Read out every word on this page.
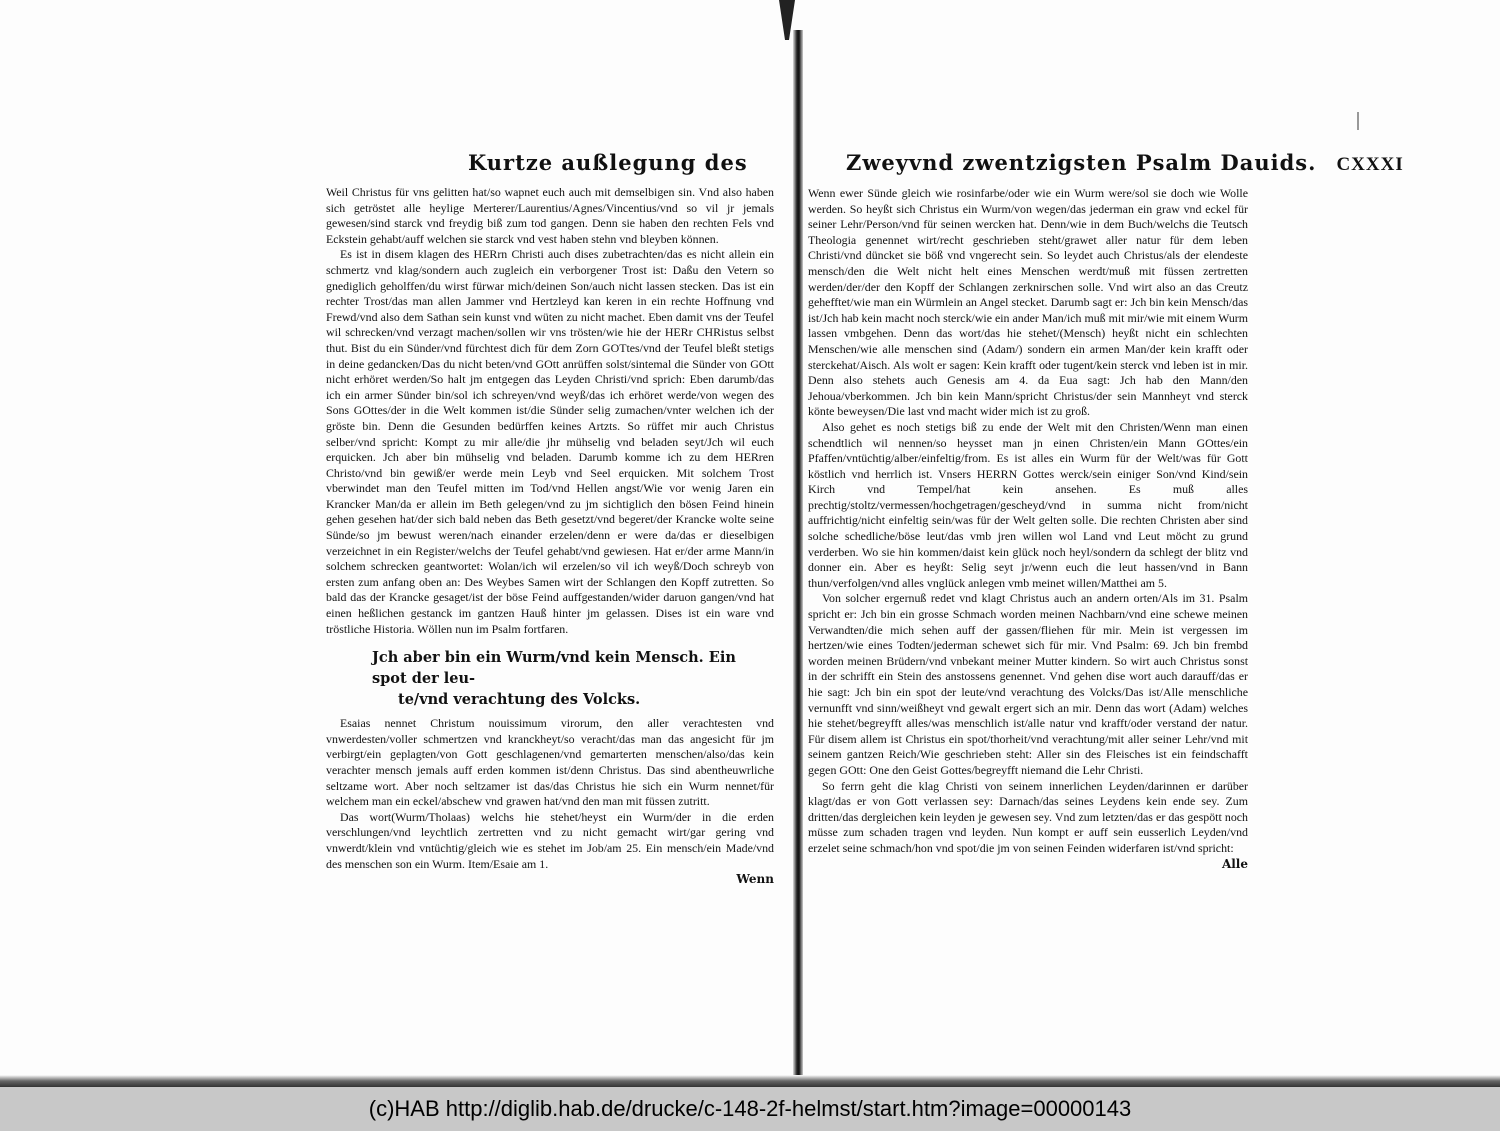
Kurtze außlegung des

Weil Christus für vns gelitten hat/so wapnet euch auch mit demselbigen sin. Vnd also haben sich getröstet alle heylige Merterer/Laurentius/Agnes/Vincentius/vnd so vil jr jemals gewesen/sind starck vnd freydig biß zum tod gangen. Denn sie haben den rechten Fels vnd Eckstein gehabt/auff welchen sie starck vnd vest haben stehn vnd bleyben können.

Es ist in disem klagen des HERrn Christi auch dises zubetrachten/das es nicht allein ein schmertz vnd klag/sondern auch zugleich ein verborgener Trost ist: Daßu den Vetern so gnediglich geholffen/du wirst fürwar mich/deinen Son/auch nicht lassen stecken. Das ist ein rechter Trost/das man allen Jammer vnd Hertzleyd kan keren in ein rechte Hoffnung vnd Frewd/vnd also dem Sathan sein kunst vnd wüten zu nicht machet. Eben damit vns der Teufel wil schrecken/vnd verzagt machen/sollen wir vns trösten/wie hie der HERr CHRistus selbst thut. Bist du ein Sünder/vnd fürchtest dich für dem Zorn GOTtes/vnd der Teufel bleßt stetigs in deine gedancken/Das du nicht beten/vnd GOtt anrüffen solst/sintemal die Sünder von GOtt nicht erhöret werden/So halt jm entgegen das Leyden Christi/vnd sprich: Eben darumb/das ich ein armer Sünder bin/sol ich schreyen/vnd weyß/das ich erhöret werde/von wegen des Sons GOttes/der in die Welt kommen ist/die Sünder selig zumachen/vnter welchen ich der gröste bin. Denn die Gesunden bedürffen keines Artzts. So rüffet mir auch Christus selber/vnd spricht: Kompt zu mir alle/die jhr mühselig vnd beladen seyt/Jch wil euch erquicken. Jch aber bin mühselig vnd beladen. Darumb komme ich zu dem HERren Christo/vnd bin gewiß/er werde mein Leyb vnd Seel erquicken. Mit solchem Trost vberwindet man den Teufel mitten im Tod/vnd Hellen angst/Wie vor wenig Jaren ein Krancker Man/da er allein im Beth gelegen/vnd zu jm sichtiglich den bösen Feind hinein gehen gesehen hat/der sich bald neben das Beth gesetzt/vnd begeret/der Krancke wolte seine Sünde/so jm bewust weren/nach einander erzelen/denn er were da/das er dieselbigen verzeichnet in ein Register/welchs der Teufel gehabt/vnd gewiesen. Hat er/der arme Mann/in solchem schrecken geantwortet: Wolan/ich wil erzelen/so vil ich weyß/Doch schreyb von ersten zum anfang oben an: Des Weybes Samen wirt der Schlangen den Kopff zutretten. So bald das der Krancke gesaget/ist der böse Feind auffgestanden/wider daruon gangen/vnd hat einen heßlichen gestanck im gantzen Hauß hinter jm gelassen. Dises ist ein ware vnd tröstliche Historia. Wöllen nun im Psalm fortfaren.

Jch aber bin ein Wurm/vnd kein Mensch. Ein spot der leu-
te/vnd verachtung des Volcks.

Esaias nennet Christum nouissimum virorum, den aller verachtesten vnd vnwerdesten/voller schmertzen vnd kranckheyt/so veracht/das man das angesicht für jm verbirgt/ein geplagten/von Gott geschlagenen/vnd gemarterten menschen/also/das kein verachter mensch jemals auff erden kommen ist/denn Christus. Das sind abentheuwrliche seltzame wort. Aber noch seltzamer ist das/das Christus hie sich ein Wurm nennet/für welchem man ein eckel/abschew vnd grawen hat/vnd den man mit füssen zutritt.

Das wort(Wurm/Tholaas) welchs hie stehet/heyst ein Wurm/der in die erden verschlungen/vnd leychtlich zertretten vnd zu nicht gemacht wirt/gar gering vnd vnwerdt/klein vnd vntüchtig/gleich wie es stehet im Job/am 25. Ein mensch/ein Made/vnd des menschen son ein Wurm. Item/Esaie am 1.

Wenn
Zweyvnd zwentzigsten Psalm Dauids. CXXXI

Wenn ewer Sünde gleich wie rosinfarbe/oder wie ein Wurm were/sol sie doch wie Wolle werden. So heyßt sich Christus ein Wurm/von wegen/das jederman ein graw vnd eckel für seiner Lehr/Person/vnd für seinen wercken hat. Denn/wie in dem Buch/welchs die Teutsch Theologia genennet wirt/recht geschrieben steht/grawet aller natur für dem leben Christi/vnd düncket sie böß vnd vngerecht sein. So leydet auch Christus/als der elendeste mensch/den die Welt nicht helt eines Menschen werdt/muß mit füssen zertretten werden/der/der den Kopff der Schlangen zerknirschen solle. Vnd wirt also an das Creutz gehefftet/wie man ein Würmlein an Angel stecket. Darumb sagt er: Jch bin kein Mensch/das ist/Jch hab kein macht noch sterck/wie ein ander Man/ich muß mit mir/wie mit einem Wurm lassen vmbgehen. Denn das wort/das hie stehet/(Mensch) heyßt nicht ein schlechten Menschen/wie alle menschen sind (Adam/) sondern ein armen Man/der kein krafft oder sterckehat/Aisch. Als wolt er sagen: Kein krafft oder tugent/kein sterck vnd leben ist in mir. Denn also stehets auch Genesis am 4. da Eua sagt: Jch hab den Mann/den Jehoua/vberkommen. Jch bin kein Mann/spricht Christus/der sein Mannheyt vnd sterck könte beweysen/Die last vnd macht wider mich ist zu groß.

Also gehet es noch stetigs biß zu ende der Welt mit den Christen/Wenn man einen schendtlich wil nennen/so heysset man jn einen Christen/ein Mann GOttes/ein Pfaffen/vntüchtig/alber/einfeltig/from. Es ist alles ein Wurm für der Welt/was für Gott köstlich vnd herrlich ist. Vnsers HERRN Gottes werck/sein einiger Son/vnd Kind/sein Kirch vnd Tempel/hat kein ansehen. Es muß alles prechtig/stoltz/vermessen/hochgetragen/gescheyd/vnd in summa nicht from/nicht auffrichtig/nicht einfeltig sein/was für der Welt gelten solle. Die rechten Christen aber sind solche schedliche/böse leut/das vmb jren willen wol Land vnd Leut möcht zu grund verderben. Wo sie hin kommen/daist kein glück noch heyl/sondern da schlegt der blitz vnd donner ein. Aber es heyßt: Selig seyt jr/wenn euch die leut hassen/vnd in Bann thun/verfolgen/vnd alles vnglück anlegen vmb meinet willen/Matthei am 5.

Von solcher ergernuß redet vnd klagt Christus auch an andern orten/Als im 31. Psalm spricht er: Jch bin ein grosse Schmach worden meinen Nachbarn/vnd eine schewe meinen Verwandten/die mich sehen auff der gassen/fliehen für mir. Mein ist vergessen im hertzen/wie eines Todten/jederman schewet sich für mir. Vnd Psalm: 69. Jch bin frembd worden meinen Brüdern/vnd vnbekant meiner Mutter kindern. So wirt auch Christus sonst in der schrifft ein Stein des anstossens genennet. Vnd gehen dise wort auch darauff/das er hie sagt: Jch bin ein spot der leute/vnd verachtung des Volcks/Das ist/Alle menschliche vernunfft vnd sinn/weißheyt vnd gewalt ergert sich an mir. Denn das wort (Adam) welches hie stehet/begreyfft alles/was menschlich ist/alle natur vnd krafft/oder verstand der natur. Für disem allem ist Christus ein spot/thorheit/vnd verachtung/mit aller seiner Lehr/vnd mit seinem gantzen Reich/Wie geschrieben steht: Aller sin des Fleisches ist ein feindschafft gegen GOtt: One den Geist Gottes/begreyfft niemand die Lehr Christi.

So ferrn geht die klag Christi von seinem innerlichen Leyden/darinnen er darüber klagt/das er von Gott verlassen sey: Darnach/das seines Leydens kein ende sey. Zum dritten/das dergleichen kein leyden je gewesen sey. Vnd zum letzten/das er das gespött noch müsse zum schaden tragen vnd leyden. Nun kompt er auff sein eusserlich Leyden/vnd erzelet seine schmach/hon vnd spot/die jm von seinen Feinden widerfaren ist/vnd spricht:

Alle
(c)HAB http://diglib.hab.de/drucke/c-148-2f-helmst/start.htm?image=00000143
